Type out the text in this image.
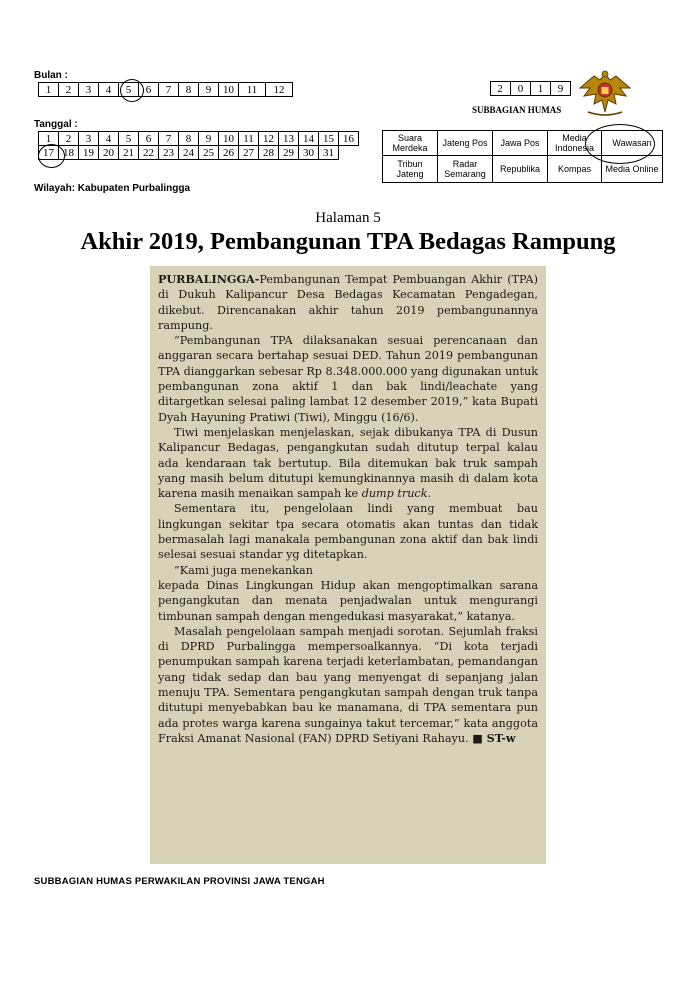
Bulan :
1	2	3	4	5	6	7	8	9	10	11	12
Tanggal :
1	2	3	4	5	6	7	8	9	10	11	12	13	14	15	16
17	18	19	20	21	22	23	24	25	26	27	28	29	30	31	
Wilayah: Kabupaten Purbalingga
2	0	1	9
SUBBAGIAN HUMAS
Suara Merdeka	Jateng Pos	Jawa Pos	Media Indonesia	Wawasan
Tribun Jateng	Radar Semarang	Republika	Kompas	Media Online
Halaman 5
Akhir 2019, Pembangunan TPA Bedagas Rampung

PURBALINGGA-Pembangunan Tempat Pembuangan Akhir (TPA) di Dukuh Kalipancur Desa Bedagas Kecamatan Pengadegan, dikebut. Direncanakan akhir tahun 2019 pembangunannya rampung.

“Pembangunan TPA dilaksanakan sesuai perencanaan dan anggaran secara bertahap sesuai DED. Tahun 2019 pembangunan TPA dianggarkan sebesar Rp 8.348.000.000 yang digunakan untuk pembangunan zona aktif 1 dan bak lindi/leachate yang ditargetkan selesai paling lambat 12 desember 2019,” kata Bupati Dyah Hayuning Pratiwi (Tiwi), Minggu (16/6).

Tiwi menjelaskan menjelaskan, sejak dibukanya TPA di Dusun Kalipancur Bedagas, pengangkutan sudah ditutup terpal kalau ada kendaraan tak bertutup. Bila ditemukan bak truk sampah yang masih belum ditutupi kemungkinannya masih di dalam kota karena masih menaikan sampah ke dump truck.

Sementara itu, pengelolaan lindi yang membuat bau lingkungan sekitar tpa secara otomatis akan tuntas dan tidak bermasalah lagi manakala pembangunan zona aktif dan bak lindi selesai sesuai standar yg ditetapkan.

“Kami juga menekankan

kepada Dinas Lingkungan Hidup akan mengoptimalkan sarana pengangkutan dan menata penjadwalan untuk mengurangi timbunan sampah dengan mengedukasi masyarakat,” katanya.

Masalah pengelolaan sampah menjadi sorotan. Sejumlah fraksi di DPRD Purbalingga mempersoalkannya. “Di kota terjadi penumpukan sampah karena terjadi keterlambatan, pemandangan yang tidak sedap dan bau yang menyengat di sepanjang jalan menuju TPA. Sementara pengangkutan sampah dengan truk tanpa ditutupi menyebabkan bau ke manamana, di TPA sementara pun ada protes warga karena sungainya takut tercemar,” kata anggota Fraksi Amanat Nasional (FAN) DPRD Setiyani Rahayu. ■ ST-w

SUBBAGIAN HUMAS PERWAKILAN PROVINSI JAWA TENGAH
